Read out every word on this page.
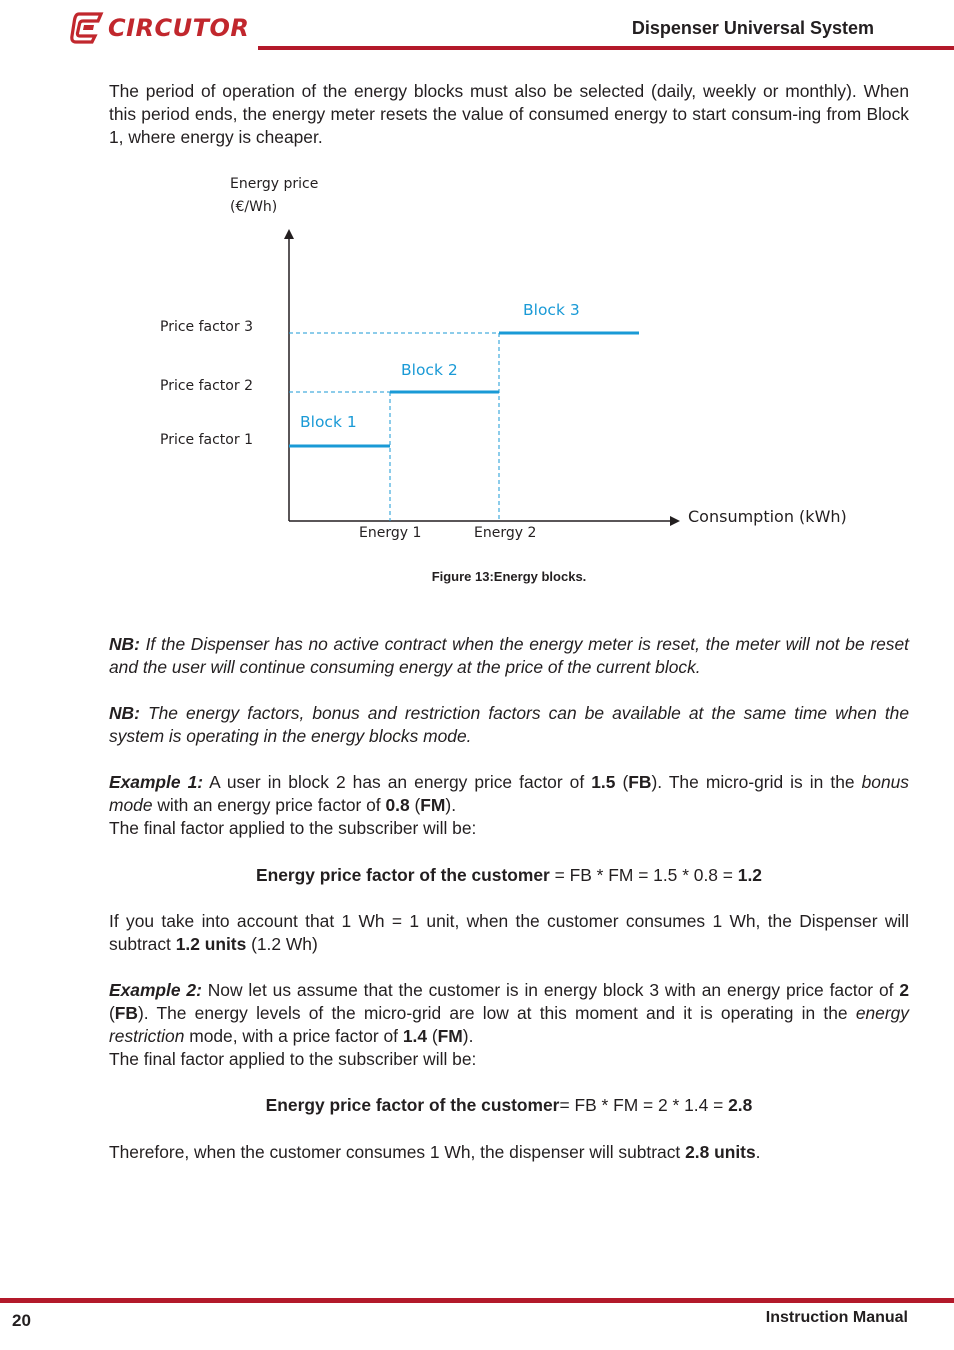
CIRCUTOR	Dispenser Universal System

The period of operation of the energy blocks must also be selected (daily, weekly or monthly). When this period ends, the energy meter resets the value of consumed energy to start consum-ing from Block 1, where energy is cheaper.

Energy price
(€/Wh)
Price factor 3
Price factor 2
Price factor 1
Block 1
Block 2
Block 3
Energy 1	Energy 2
Consumption (kWh)
Figure 13:Energy blocks.

NB: If the Dispenser has no active contract when the energy meter is reset, the meter will not be reset and the user will continue consuming energy at the price of the current block.

NB: The energy factors, bonus and restriction factors can be available at the same time when the system is operating in the energy blocks mode.

Example 1: A user in block 2 has an energy price factor of 1.5 (FB). The micro-grid is in the bonus mode with an energy price factor of 0.8 (FM).

The final factor applied to the subscriber will be:

Energy price factor of the customer = FB * FM = 1.5 * 0.8 = 1.2

If you take into account that 1 Wh = 1 unit, when the customer consumes 1 Wh, the Dispenser will subtract 1.2 units (1.2 Wh)

Example 2: Now let us assume that the customer is in energy block 3 with an energy price factor of 2 (FB). The energy levels of the micro-grid are low at this moment and it is operating in the energy restriction mode, with a price factor of 1.4 (FM).

The final factor applied to the subscriber will be:

Energy price factor of the customer= FB * FM = 2 * 1.4 = 2.8

Therefore, when the customer consumes 1 Wh, the dispenser will subtract 2.8 units.

20	Instruction Manual
